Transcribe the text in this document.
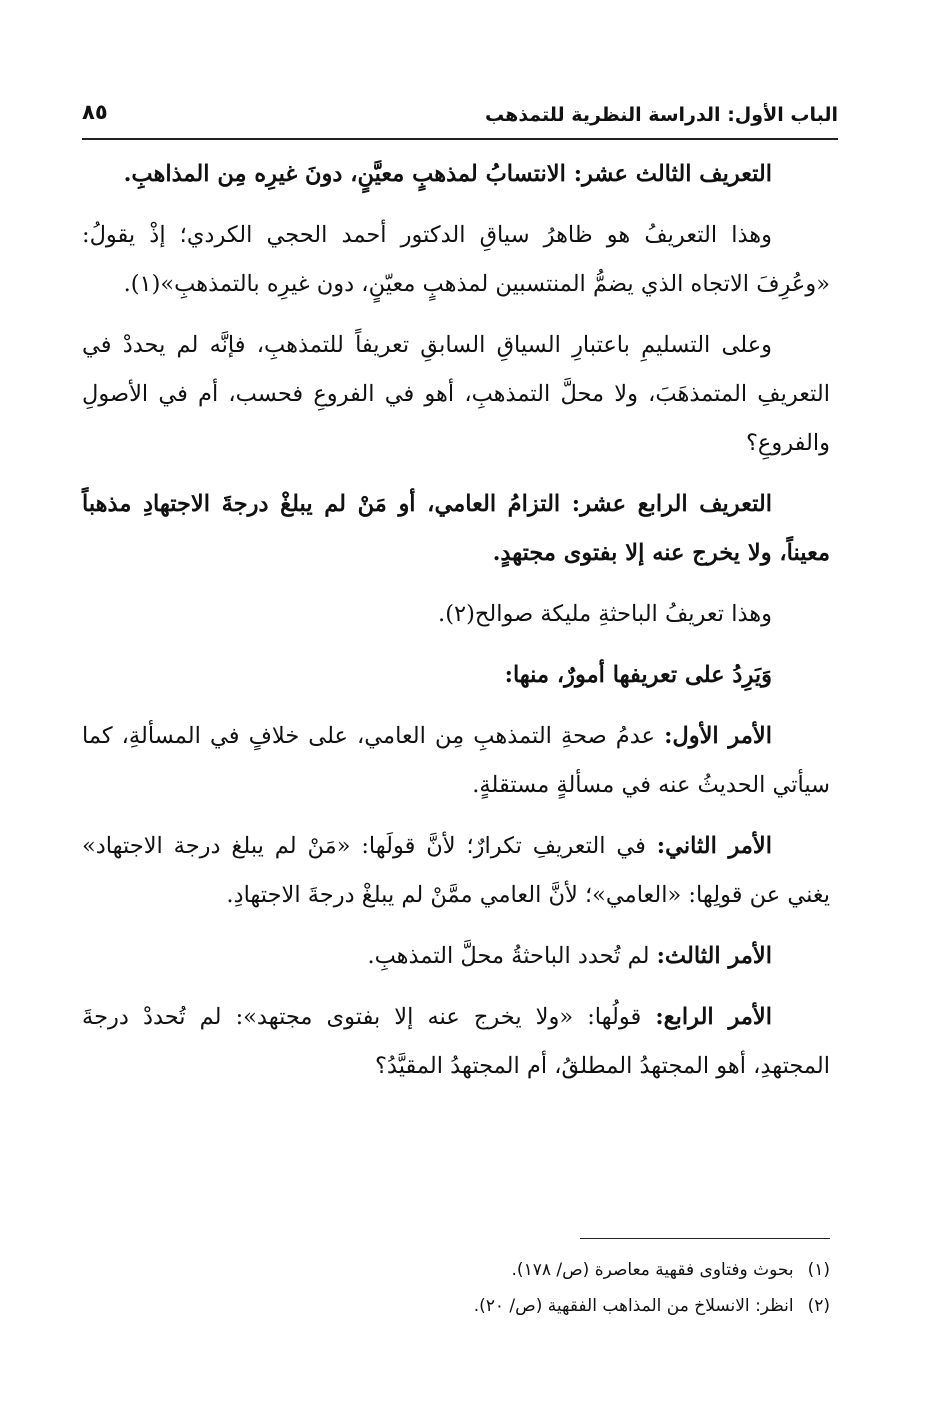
الباب الأول: الدراسة النظرية للتمذهب
٨٥

التعريف الثالث عشر: الانتسابُ لمذهبٍ معيَّنٍ، دونَ غيرِه مِن المذاهبِ.

وهذا التعريفُ هو ظاهرُ سياقِ الدكتور أحمد الحجي الكردي؛ إذْ يقولُ: «وعُرِفَ الاتجاه الذي يضمُّ المنتسبين لمذهبٍ معيّنٍ، دون غيرِه بالتمذهبِ»(١).

وعلى التسليمِ باعتبارِ السياقِ السابقِ تعريفاً للتمذهبِ، فإنَّه لم يحددْ في التعريفِ المتمذهَبَ، ولا محلَّ التمذهبِ، أهو في الفروعِ فحسب، أم في الأصولِ والفروعِ؟

التعريف الرابع عشر: التزامُ العامي، أو مَنْ لم يبلغْ درجةَ الاجتهادِ مذهباً معيناً، ولا يخرج عنه إلا بفتوى مجتهدٍ.

وهذا تعريفُ الباحثةِ مليكة صوالح(٢).

وَيَرِدُ على تعريفها أمورٌ، منها:

الأمر الأول: عدمُ صحةِ التمذهبِ مِن العامي، على خلافٍ في المسألةِ، كما سيأتي الحديثُ عنه في مسألةٍ مستقلةٍ.

الأمر الثاني: في التعريفِ تكرارٌ؛ لأنَّ قولَها: «مَنْ لم يبلغ درجة الاجتهاد» يغني عن قولِها: «العامي»؛ لأنَّ العامي ممَّنْ لم يبلغْ درجةَ الاجتهادِ.

الأمر الثالث: لم تُحدد الباحثةُ محلَّ التمذهبِ.

الأمر الرابع: قولُها: «ولا يخرج عنه إلا بفتوى مجتهد»: لم تُحددْ درجةَ المجتهدِ، أهو المجتهدُ المطلقُ، أم المجتهدُ المقيَّدُ؟

(١)بحوث وفتاوى فقهية معاصرة (ص/ ١٧٨).
(٢)انظر: الانسلاخ من المذاهب الفقهية (ص/ ٢٠).
